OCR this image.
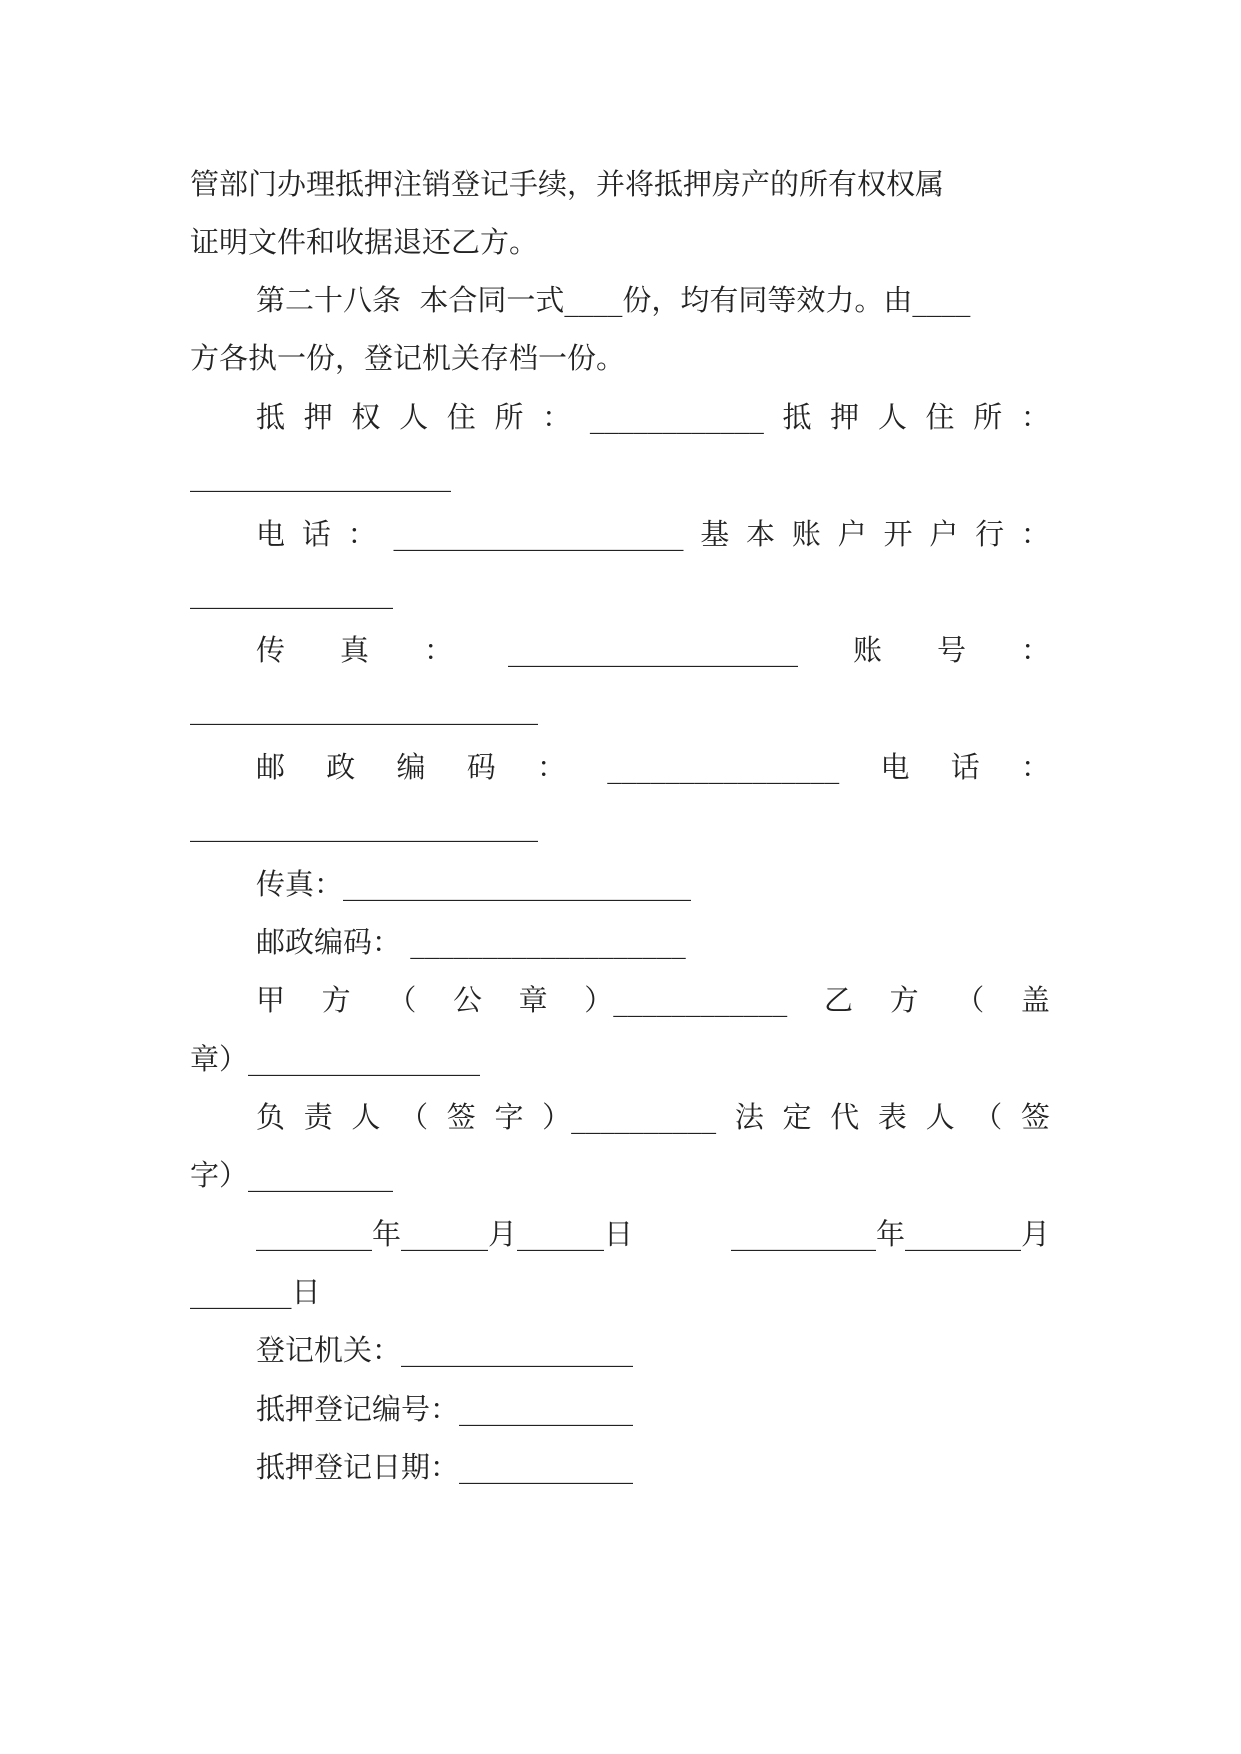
管部门办理抵押注销登记手续，并将抵押房产的所有权权属
证明文件和收据退还乙方。
第二十八条  本合同一式____份，均有同等效力。由____
方各执一份，登记机关存档一份。
抵 押 权 人 住 所 ： ____________ 抵 押 人 住 所 ：
__________________
电 话 ： ____________________ 基 本 账 户 开 户 行 ：
______________
传 真 ： ____________________ 账 号 ：
________________________
邮 政 编 码 ： ________________ 电 话 ：
________________________
传真：________________________
邮政编码： ___________________
甲 方 （ 公 章 ）____________ 乙 方 （ 盖
章）________________
负 责 人 （ 签 字 ）__________ 法 定 代 表 人 （ 签
字）__________
________年______月______日	__________年________月
_______日
登记机关：________________
抵押登记编号：____________
抵押登记日期：____________
